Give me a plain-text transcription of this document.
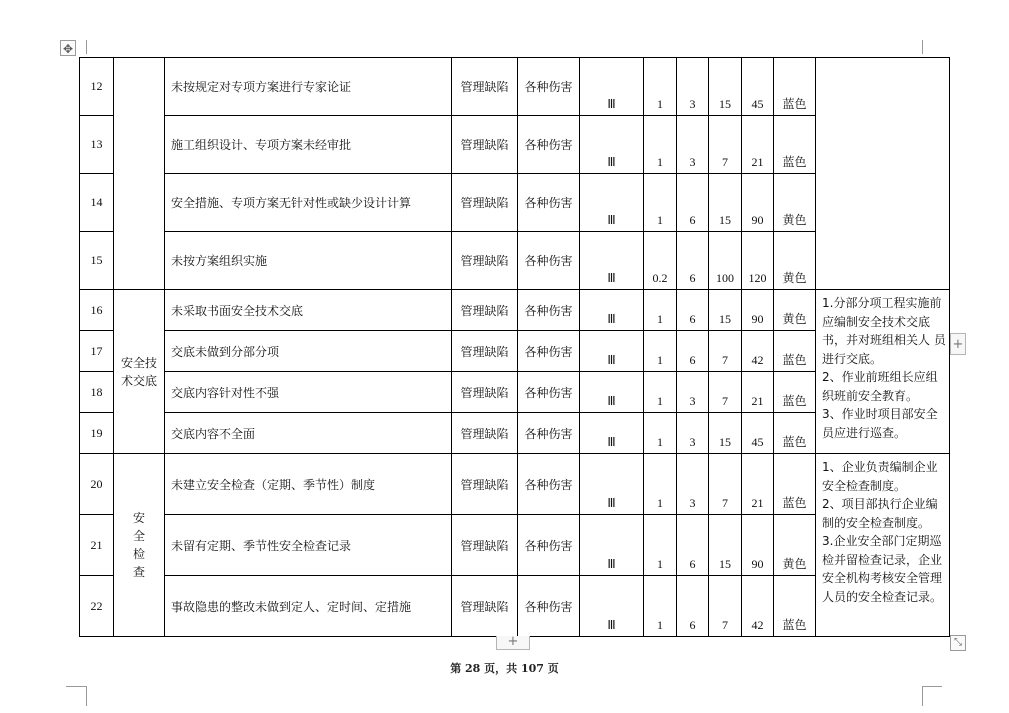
✥
12		未按规定对专项方案进行专家论证	管理缺陷	各种伤害	Ⅲ	1	3	15	45	蓝色	
13		施工组织设计、专项方案未经审批	管理缺陷	各种伤害	Ⅲ	1	3	7	21	蓝色	
14		安全措施、专项方案无针对性或缺少设计计算	管理缺陷	各种伤害	Ⅲ	1	6	15	90	黄色	
15		未按方案组织实施	管理缺陷	各种伤害	Ⅲ	0.2	6	100	120	黄色	
16	安全技术交底	未采取书面安全技术交底	管理缺陷	各种伤害	Ⅲ	1	6	15	90	黄色	1.分部分项工程实施前应编制安全技术交底书，并对班组相关人 员进行交底。
2、作业前班组长应组织班前安全教育。
3、作业时项目部安全员应进行巡查。

17		交底未做到分部分项	管理缺陷	各种伤害	Ⅲ	1	6	7	42	蓝色	
18		交底内容针对性不强	管理缺陷	各种伤害	Ⅲ	1	3	7	21	蓝色	
19		交底内容不全面	管理缺陷	各种伤害	Ⅲ	1	3	15	45	蓝色	
20	安全检查	未建立安全检查（定期、季节性）制度	管理缺陷	各种伤害	Ⅲ	1	3	7	21	蓝色	1、企业负责编制企业安全检查制度。
2、项目部执行企业编制的安全检查制度。
3.企业安全部门定期巡检并留检查记录，企业安全机构考核安全管理人员的安全检查记录。

21		未留有定期、季节性安全检查记录	管理缺陷	各种伤害	Ⅲ	1	6	15	90	黄色	
22		事故隐患的整改未做到定人、定时间、定措施	管理缺陷	各种伤害	Ⅲ	1	6	7	42	蓝色	
+
+	⤡
第 28 页，共 107 页
